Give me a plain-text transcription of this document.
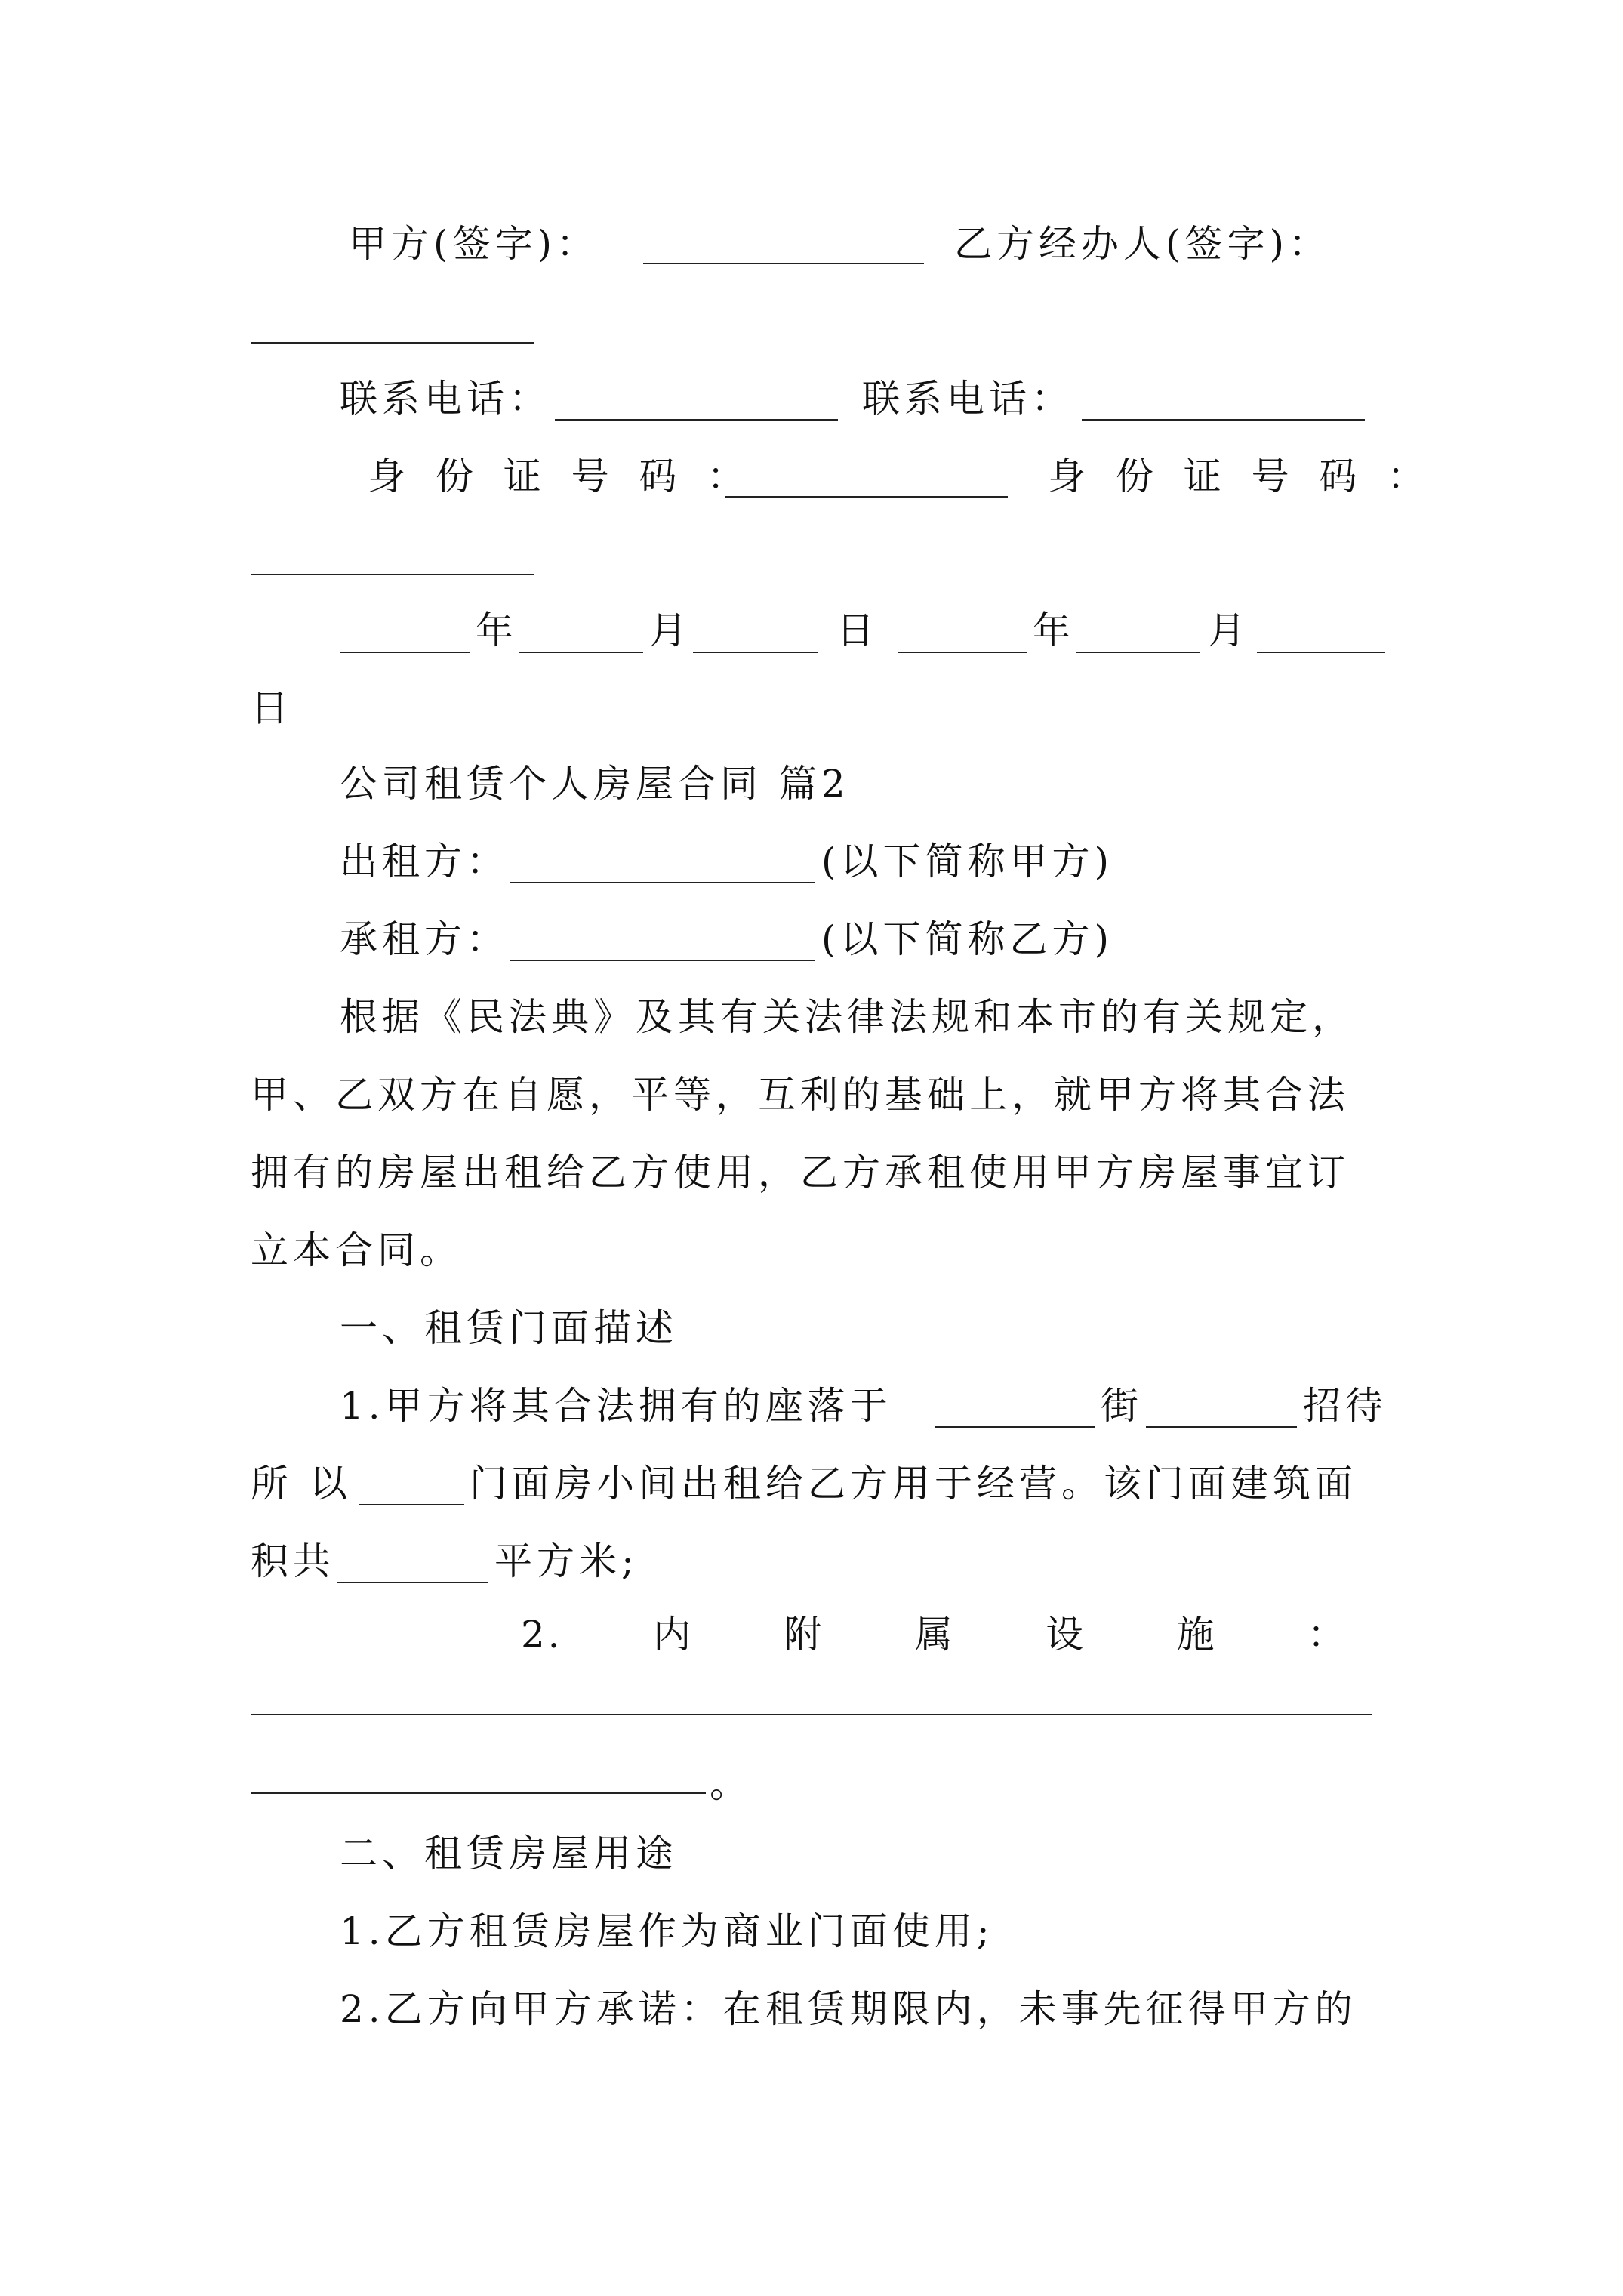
甲方(签字)：	乙方经办人(签字)：
联系电话：	联系电话：
身 份 证 号 码 ：	身 份 证 号 码 ：
年	月	日	年	月
日
公司租赁个人房屋合同 篇2
出租方：	(以下简称甲方)
承租方：	(以下简称乙方)
根据《民法典》及其有关法律法规和本市的有关规定，
甲、乙双方在自愿，平等，互利的基础上，就甲方将其合法
拥有的房屋出租给乙方使用，乙方承租使用甲方房屋事宜订
立本合同。
一、租赁门面描述
1.甲方将其合法拥有的座落于	街	招待
所 以	门面房小间出租给乙方用于经营。该门面建筑面
积共	平方米;
2.      内      附      属      设      施      ：
。
二、租赁房屋用途
1.乙方租赁房屋作为商业门面使用;
2.乙方向甲方承诺：在租赁期限内，未事先征得甲方的
